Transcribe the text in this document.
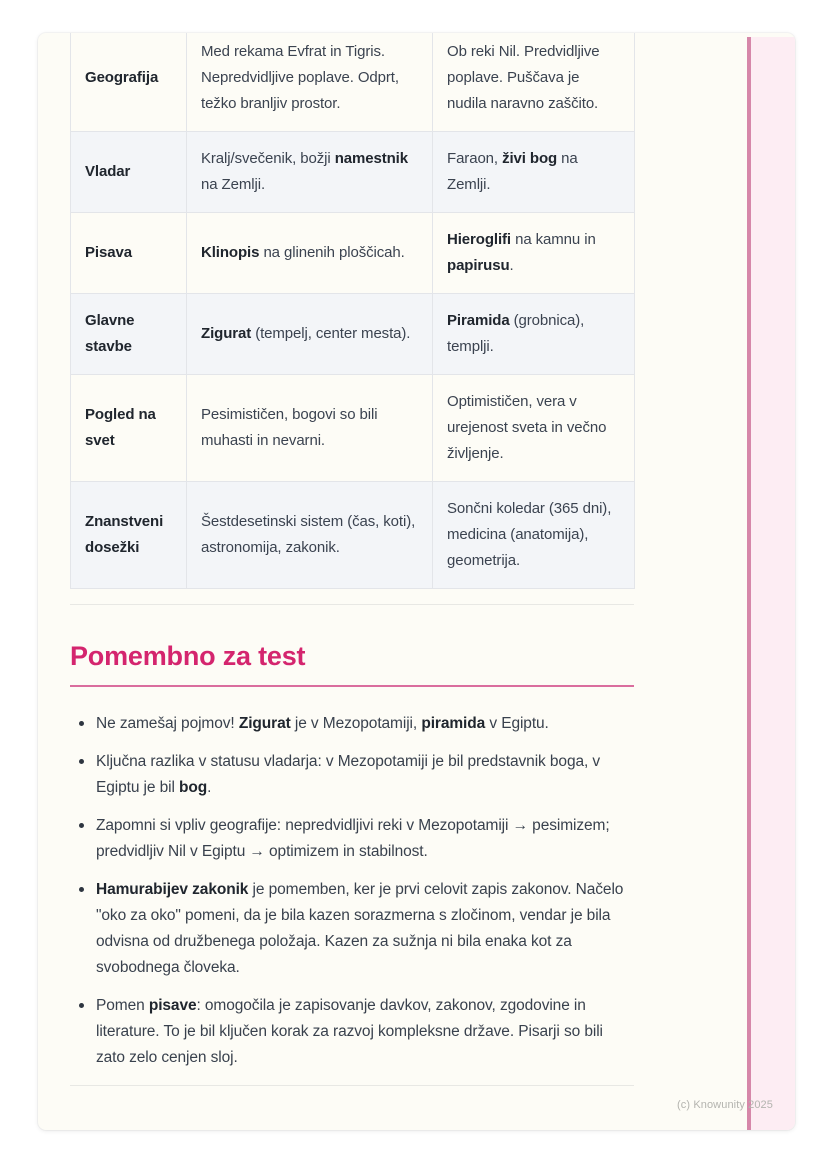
Geografija	Med rekama Evfrat in Tigris. Nepredvidljive poplave. Odprt, težko branljiv prostor.	Ob reki Nil. Predvidljive poplave. Puščava je nudila naravno zaščito.
Vladar	Kralj/svečenik, božji namestnik na Zemlji.	Faraon, živi bog na Zemlji.
Pisava	Klinopis na glinenih ploščicah.	Hieroglifi na kamnu in papirusu.
Glavne stavbe	Zigurat (tempelj, center mesta).	Piramida (grobnica), templji.
Pogled na svet	Pesimističen, bogovi so bili muhasti in nevarni.	Optimističen, vera v urejenost sveta in večno življenje.
Znanstveni dosežki	Šestdesetinski sistem (čas, koti), astronomija, zakonik.	Sončni koledar (365 dni), medicina (anatomija), geometrija.
Pomembno za test
Ne zamešaj pojmov! Zigurat je v Mezopotamiji, piramida v Egiptu.
Ključna razlika v statusu vladarja: v Mezopotamiji je bil predstavnik boga, v Egiptu je bil bog.
Zapomni si vpliv geografije: nepredvidljivi reki v Mezopotamiji → pesimizem; predvidljiv Nil v Egiptu → optimizem in stabilnost.
Hamurabijev zakonik je pomemben, ker je prvi celovit zapis zakonov. Načelo "oko za oko" pomeni, da je bila kazen sorazmerna s zločinom, vendar je bila odvisna od družbenega položaja. Kazen za sužnja ni bila enaka kot za svobodnega človeka.
Pomen pisave: omogočila je zapisovanje davkov, zakonov, zgodovine in literature. To je bil ključen korak za razvoj kompleksne države. Pisarji so bili zato zelo cenjen sloj.
(c) Knowunity 2025
